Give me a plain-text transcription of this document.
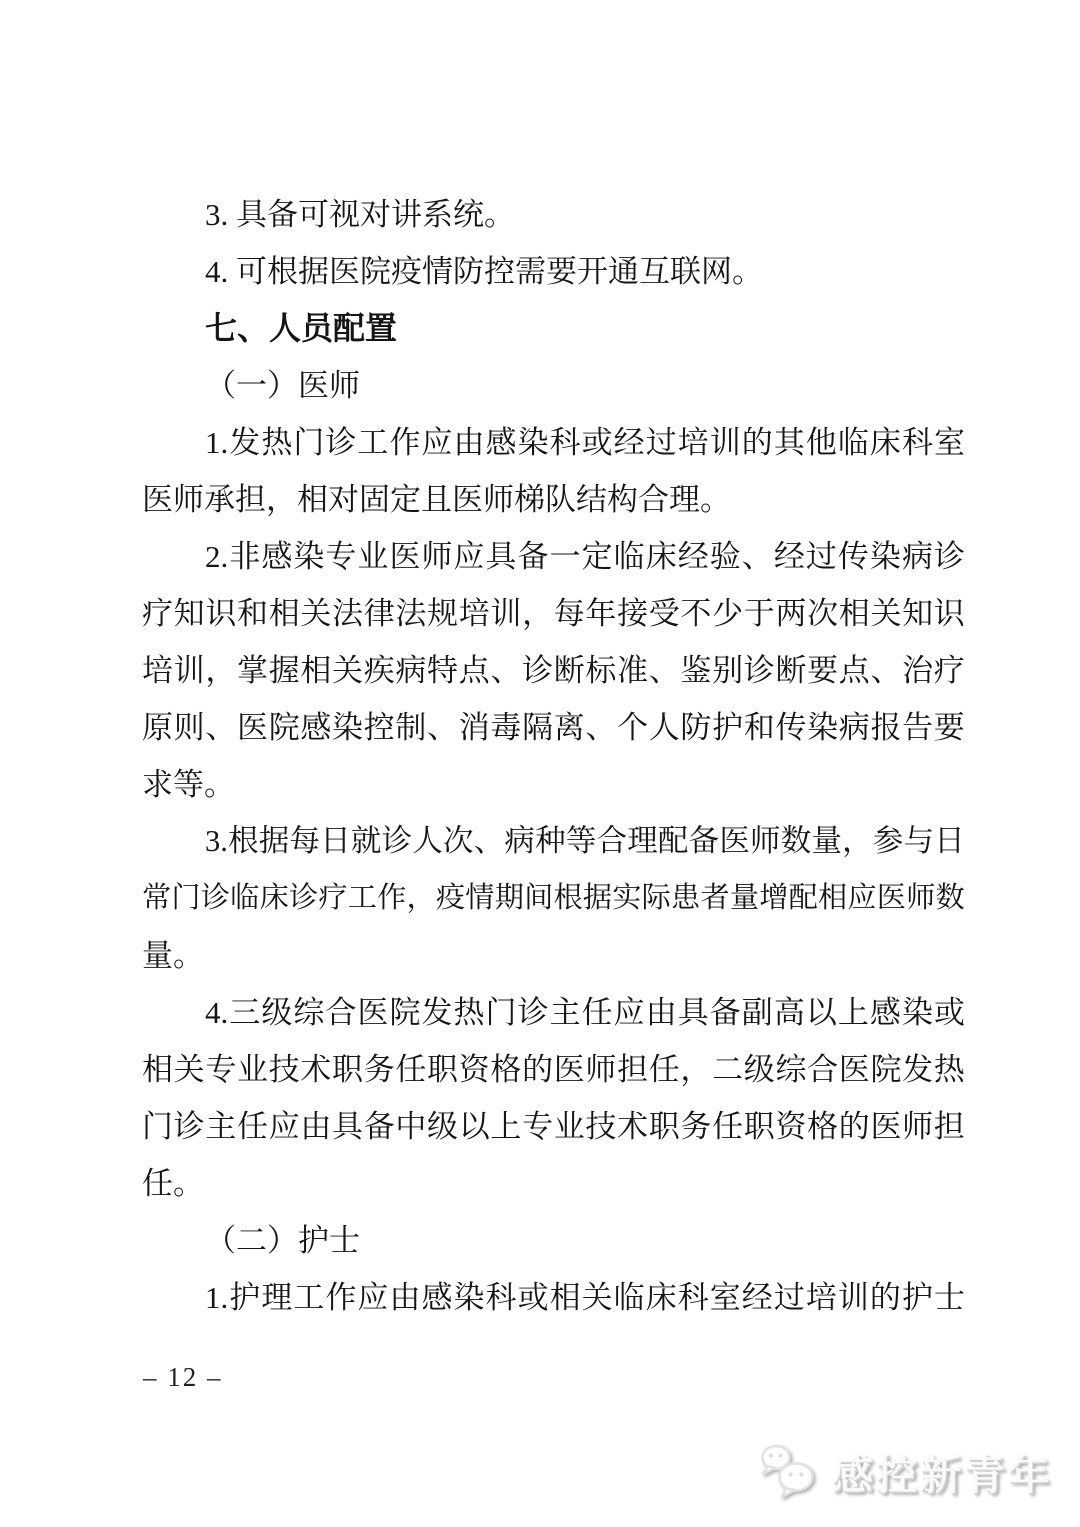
3. 具备可视对讲系统。
4. 可根据医院疫情防控需要开通互联网。
七、人员配置
（一）医师
1. 发 热 门 诊 工 作 应 由 感 染 科 或 经 过 培 训 的 其 他 临 床 科 室
医师承担，相对固定且医师梯队结构合理。
2. 非 感 染 专 业 医 师 应 具 备 一 定 临 床 经 验 、 经 过 传 染 病 诊
疗 知 识 和 相 关 法 律 法 规 培 训 ， 每 年 接 受 不 少 于 两 次 相 关 知 识
培 训 ， 掌 握 相 关 疾 病 特 点 、 诊 断 标 准 、 鉴 别 诊 断 要 点 、 治 疗
原 则 、 医 院 感 染 控 制 、 消 毒 隔 离 、 个 人 防 护 和 传 染 病 报 告 要
求等。
3. 根 据 每 日 就 诊 人 次 、 病 种 等 合 理 配 备 医 师 数 量 ， 参 与 日
常 门 诊 临 床 诊 疗 工 作 ， 疫 情 期 间 根 据 实 际 患 者 量 增 配 相 应 医 师 数
量。
4. 三 级 综 合 医 院 发 热 门 诊 主 任 应 由 具 备 副 高 以 上 感 染 或
相 关 专 业 技 术 职 务 任 职 资 格 的 医 师 担 任 ， 二 级 综 合 医 院 发 热
门 诊 主 任 应 由 具 备 中 级 以 上 专 业 技 术 职 务 任 职 资 格 的 医 师 担
任。
（二）护士
1. 护 理 工 作 应 由 感 染 科 或 相 关 临 床 科 室 经 过 培 训 的 护 士
– 12 –
感控新青年
